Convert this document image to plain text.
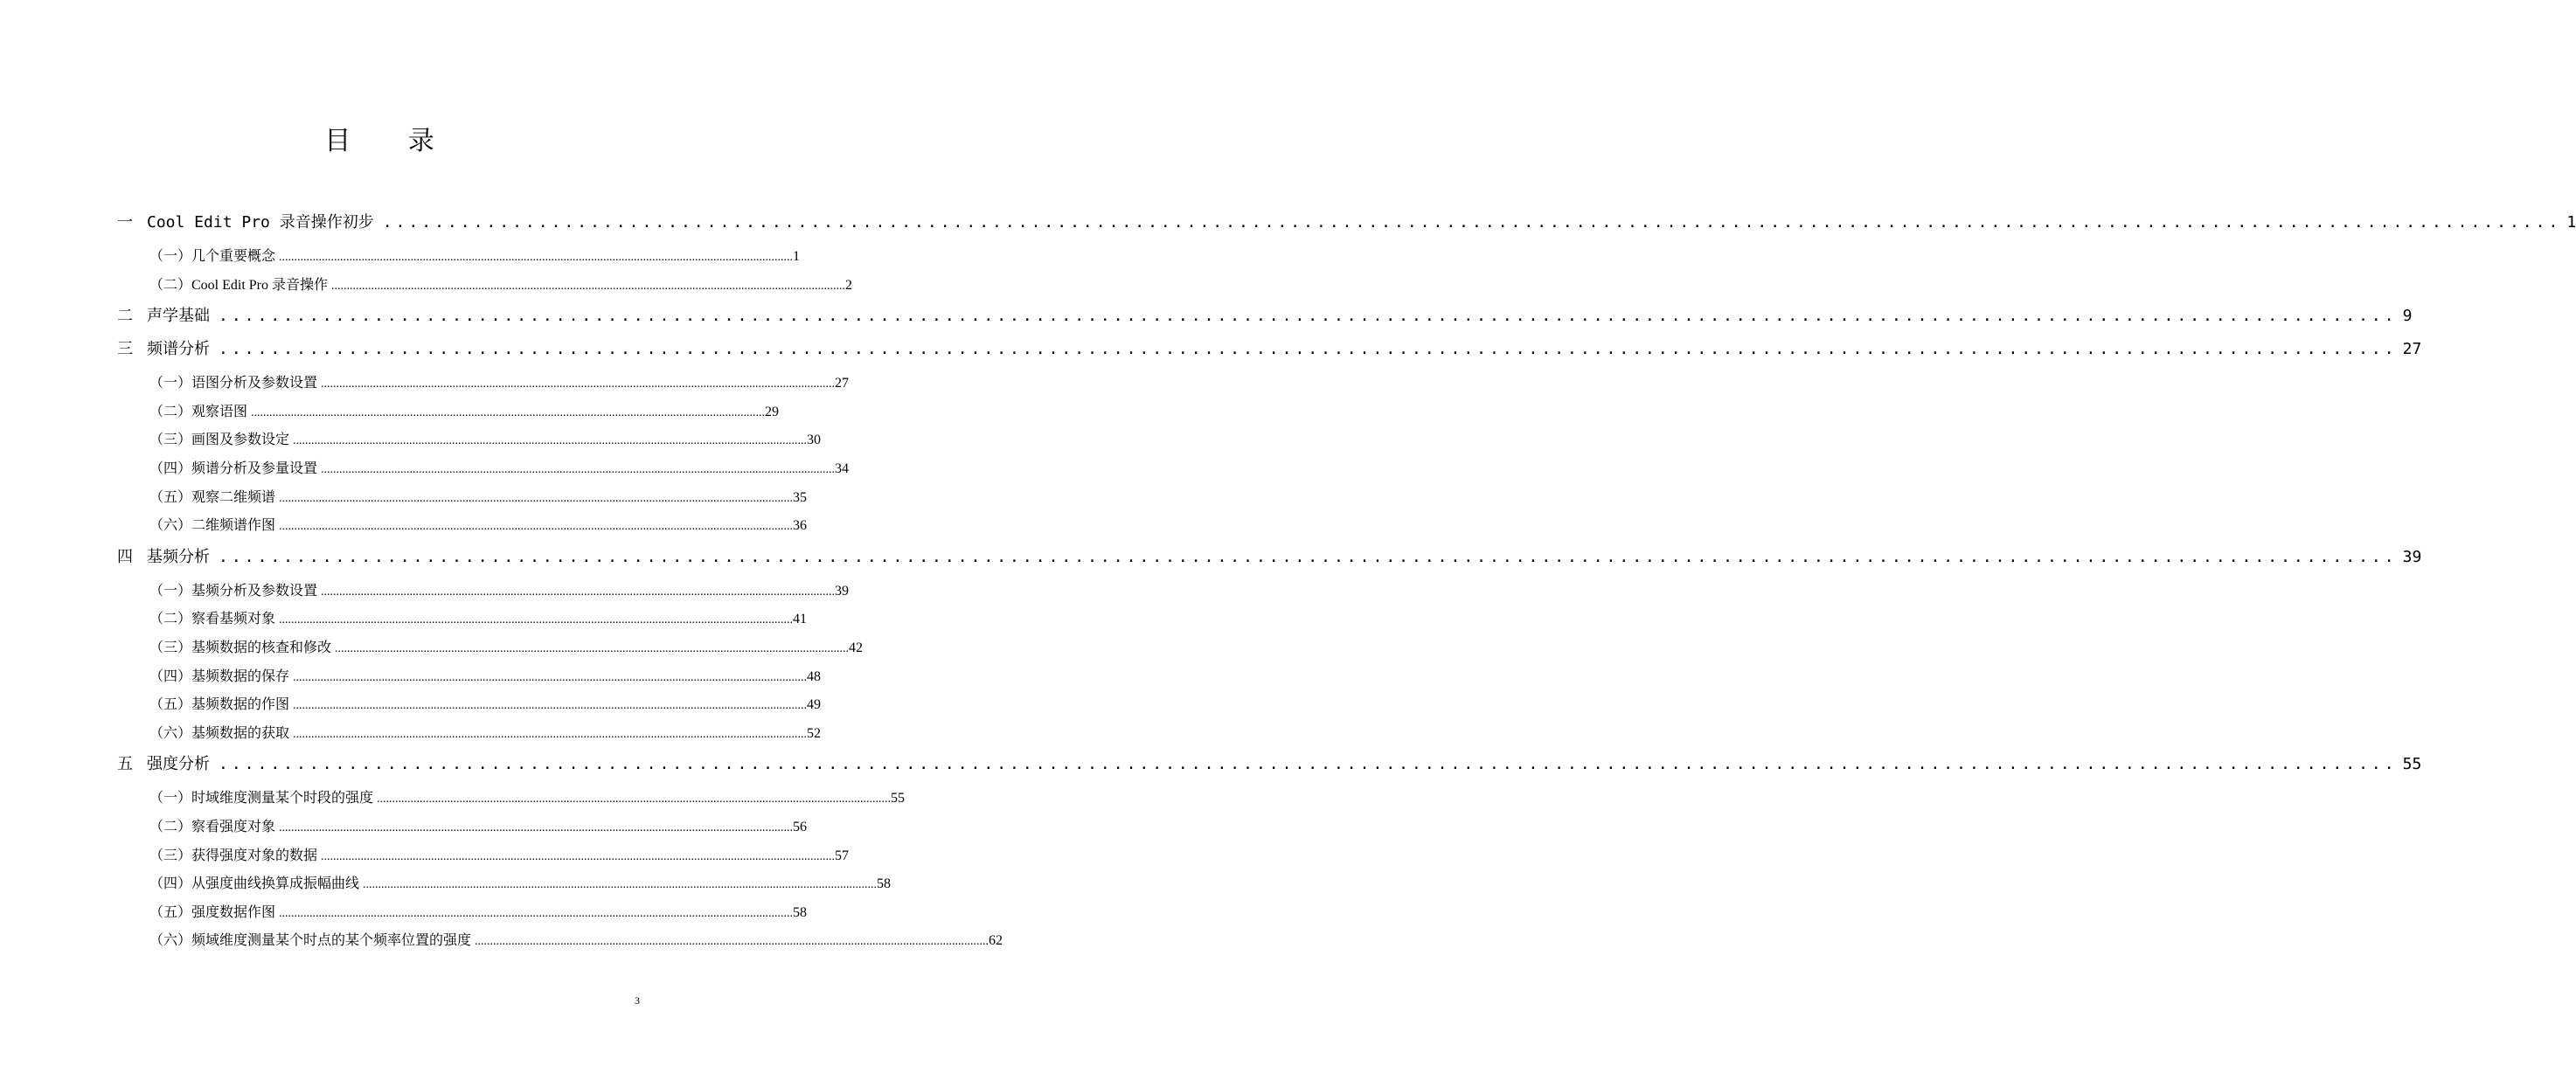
目 录
一 Cool Edit Pro 录音操作初步 ........................................................................................................................................................................ 1
（一）几个重要概念 ........................................................................................................................................................................ 1
（二）Cool Edit Pro 录音操作 ........................................................................................................................................................................ 2
二 声学基础 ........................................................................................................................................................................ 9
三 频谱分析 ........................................................................................................................................................................ 27
（一）语图分析及参数设置 ........................................................................................................................................................................ 27
（二）观察语图 ........................................................................................................................................................................ 29
（三）画图及参数设定 ........................................................................................................................................................................ 30
（四）频谱分析及参量设置 ........................................................................................................................................................................ 34
（五）观察二维频谱 ........................................................................................................................................................................ 35
（六）二维频谱作图 ........................................................................................................................................................................ 36
四 基频分析 ........................................................................................................................................................................ 39
（一）基频分析及参数设置 ........................................................................................................................................................................ 39
（二）察看基频对象 ........................................................................................................................................................................ 41
（三）基频数据的核查和修改 ........................................................................................................................................................................ 42
（四）基频数据的保存 ........................................................................................................................................................................ 48
（五）基频数据的作图 ........................................................................................................................................................................ 49
（六）基频数据的获取 ........................................................................................................................................................................ 52
五 强度分析 ........................................................................................................................................................................ 55
（一）时域维度测量某个时段的强度 ........................................................................................................................................................................ 55
（二）察看强度对象 ........................................................................................................................................................................ 56
（三）获得强度对象的数据 ........................................................................................................................................................................ 57
（四）从强度曲线换算成振幅曲线 ........................................................................................................................................................................ 58
（五）强度数据作图 ........................................................................................................................................................................ 58
（六）频域维度测量某个时点的某个频率位置的强度 ........................................................................................................................................................................ 62
3
